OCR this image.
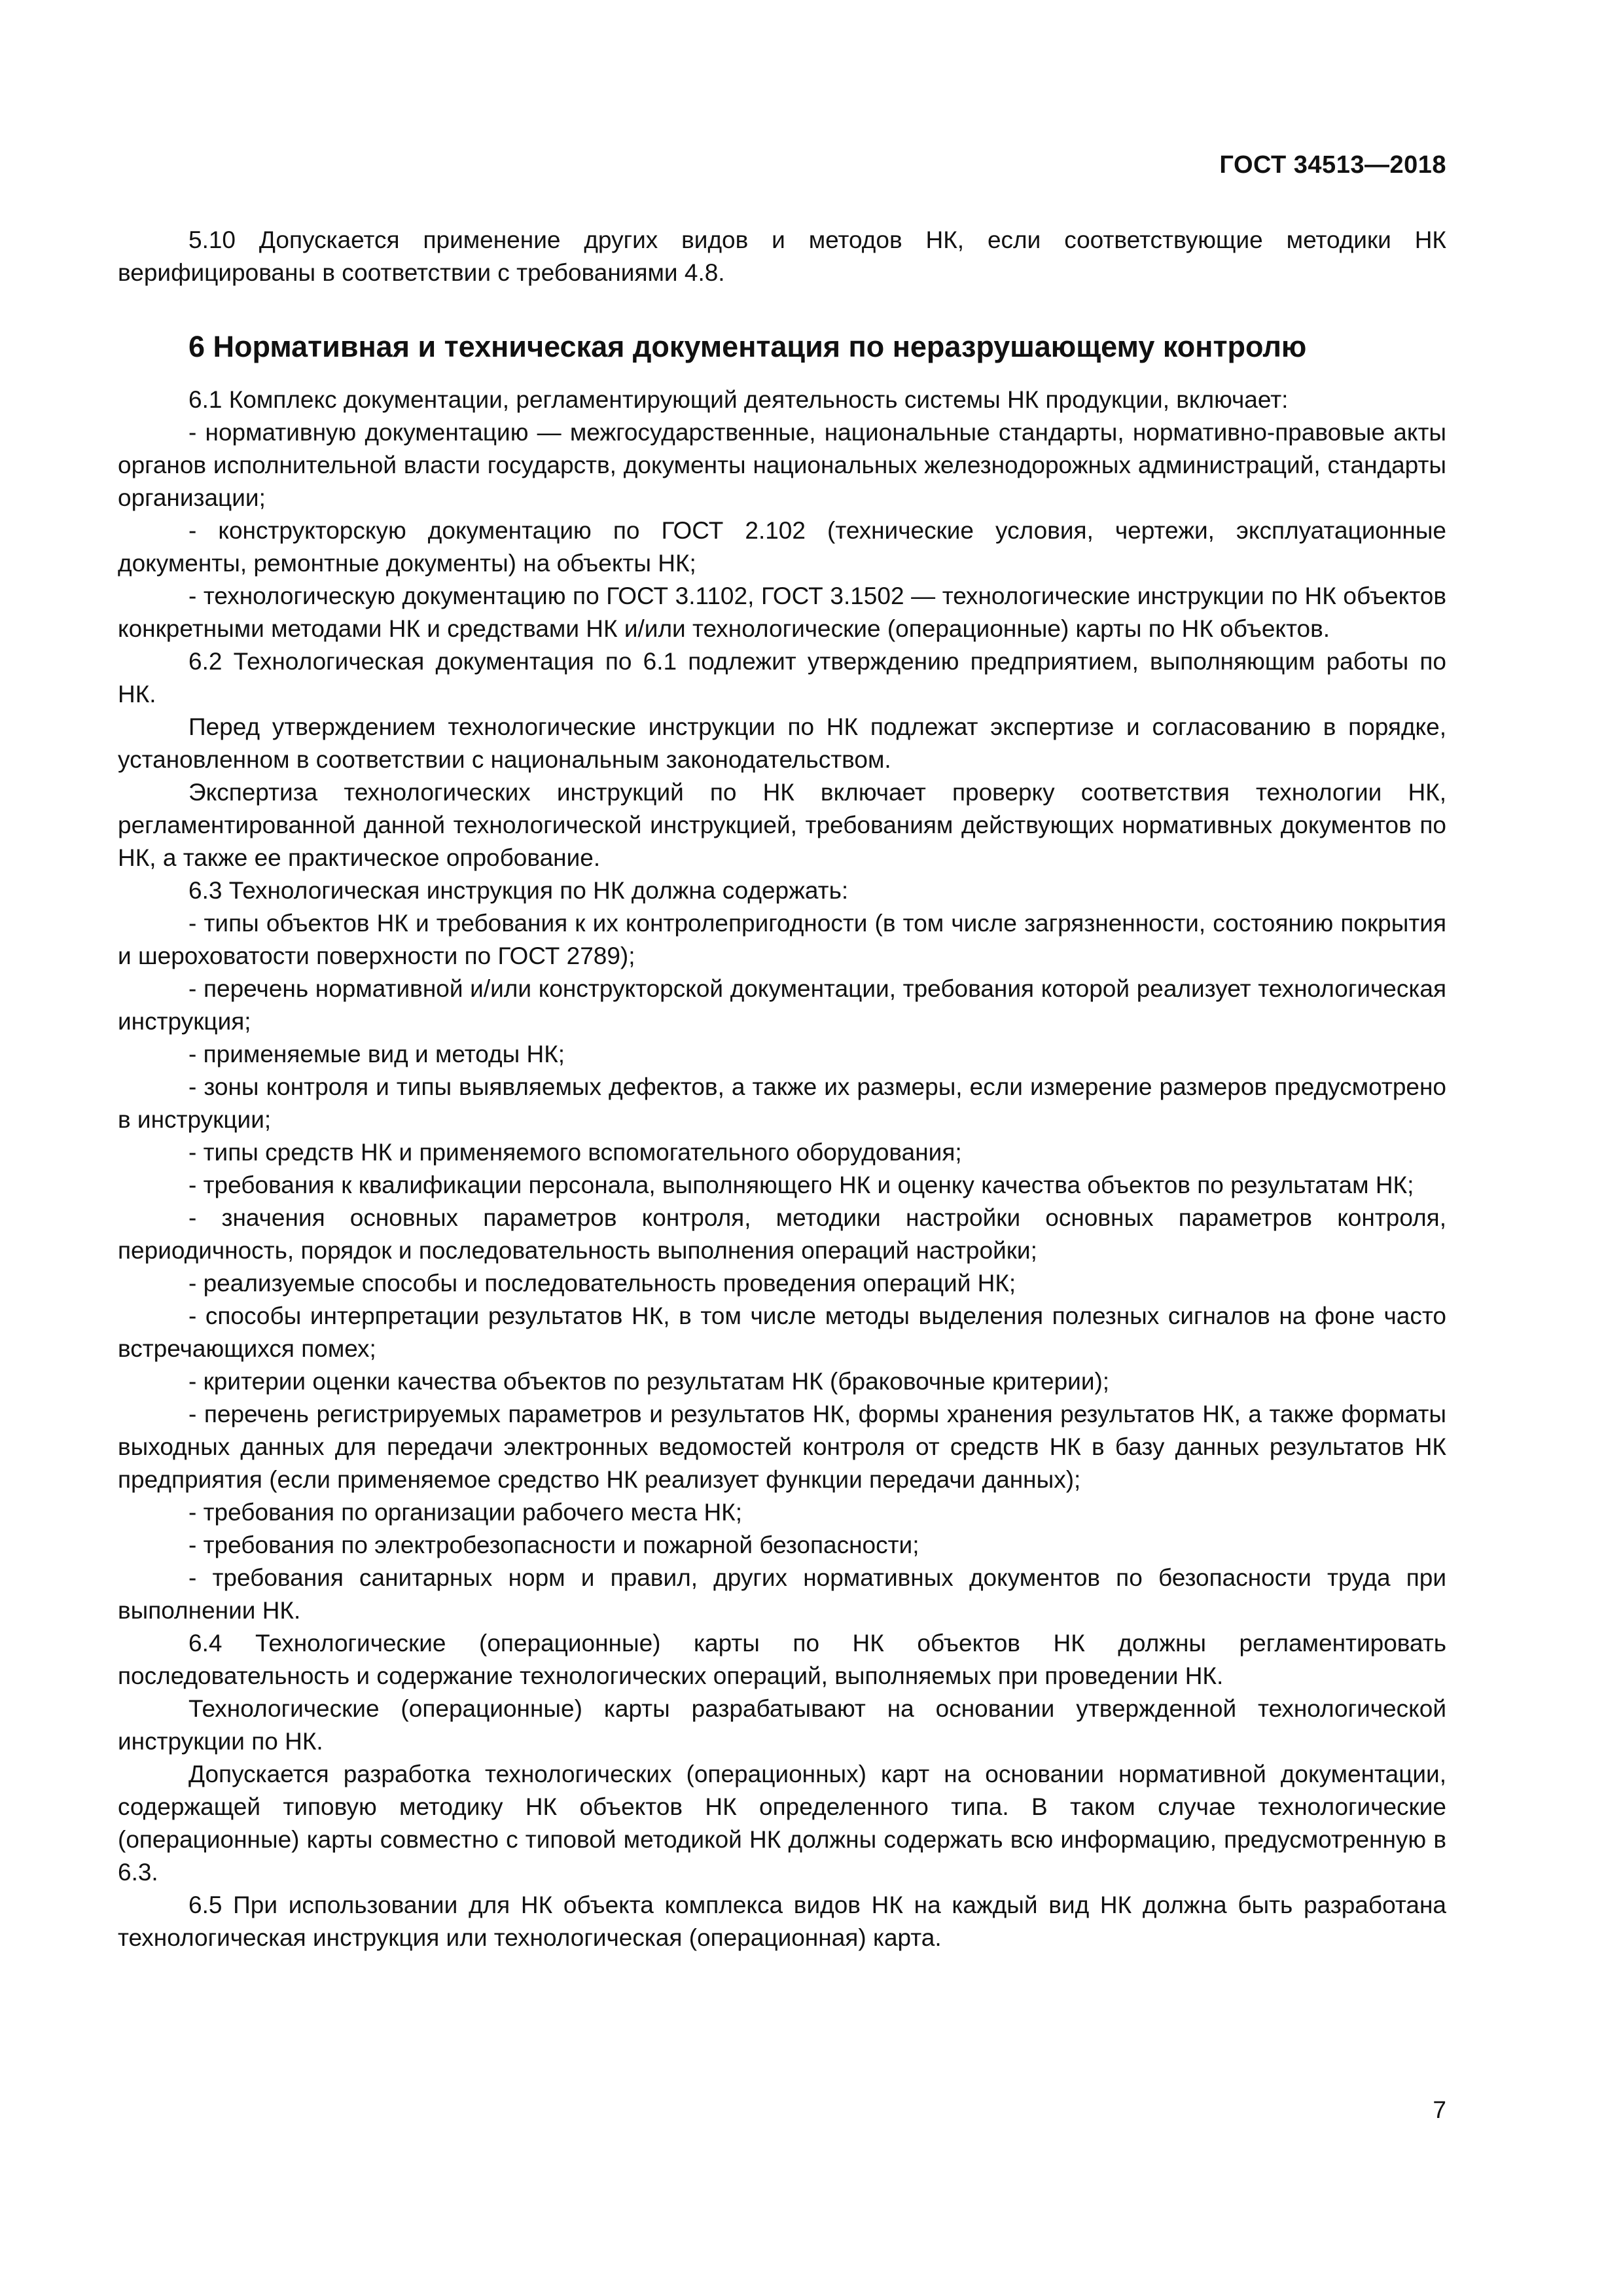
ГОСТ 34513—2018

5.10 Допускается применение других видов и методов НК, если соответствующие методики НК верифицированы в соответствии с требованиями 4.8.

6 Нормативная и техническая документация по неразрушающему контролю

6.1 Комплекс документации, регламентирующий деятельность системы НК продукции, включает:

- нормативную документацию — межгосударственные, национальные стандарты, нормативно-правовые акты органов исполнительной власти государств, документы национальных железнодорожных администраций, стандарты организации;

- конструкторскую документацию по ГОСТ 2.102 (технические условия, чертежи, эксплуатационные документы, ремонтные документы) на объекты НК;

- технологическую документацию по ГОСТ 3.1102, ГОСТ 3.1502 — технологические инструкции по НК объектов конкретными методами НК и средствами НК и/или технологические (операционные) карты по НК объектов.

6.2 Технологическая документация по 6.1 подлежит утверждению предприятием, выполняющим работы по НК.

Перед утверждением технологические инструкции по НК подлежат экспертизе и согласованию в порядке, установленном в соответствии с национальным законодательством.

Экспертиза технологических инструкций по НК включает проверку соответствия технологии НК, регламентированной данной технологической инструкцией, требованиям действующих нормативных документов по НК, а также ее практическое опробование.

6.3 Технологическая инструкция по НК должна содержать:

- типы объектов НК и требования к их контролепригодности (в том числе загрязненности, состоянию покрытия и шероховатости поверхности по ГОСТ 2789);

- перечень нормативной и/или конструкторской документации, требования которой реализует технологическая инструкция;

- применяемые вид и методы НК;

- зоны контроля и типы выявляемых дефектов, а также их размеры, если измерение размеров предусмотрено в инструкции;

- типы средств НК и применяемого вспомогательного оборудования;

- требования к квалификации персонала, выполняющего НК и оценку качества объектов по результатам НК;

- значения основных параметров контроля, методики настройки основных параметров контроля, периодичность, порядок и последовательность выполнения операций настройки;

- реализуемые способы и последовательность проведения операций НК;

- способы интерпретации результатов НК, в том числе методы выделения полезных сигналов на фоне часто встречающихся помех;

- критерии оценки качества объектов по результатам НК (браковочные критерии);

- перечень регистрируемых параметров и результатов НК, формы хранения результатов НК, а также форматы выходных данных для передачи электронных ведомостей контроля от средств НК в базу данных результатов НК предприятия (если применяемое средство НК реализует функции передачи данных);

- требования по организации рабочего места НК;

- требования по электробезопасности и пожарной безопасности;

- требования санитарных норм и правил, других нормативных документов по безопасности труда при выполнении НК.

6.4 Технологические (операционные) карты по НК объектов НК должны регламентировать последовательность и содержание технологических операций, выполняемых при проведении НК.

Технологические (операционные) карты разрабатывают на основании утвержденной технологической инструкции по НК.

Допускается разработка технологических (операционных) карт на основании нормативной документации, содержащей типовую методику НК объектов НК определенного типа. В таком случае технологические (операционные) карты совместно с типовой методикой НК должны содержать всю информацию, предусмотренную в 6.3.

6.5 При использовании для НК объекта комплекса видов НК на каждый вид НК должна быть разработана технологическая инструкция или технологическая (операционная) карта.

7
